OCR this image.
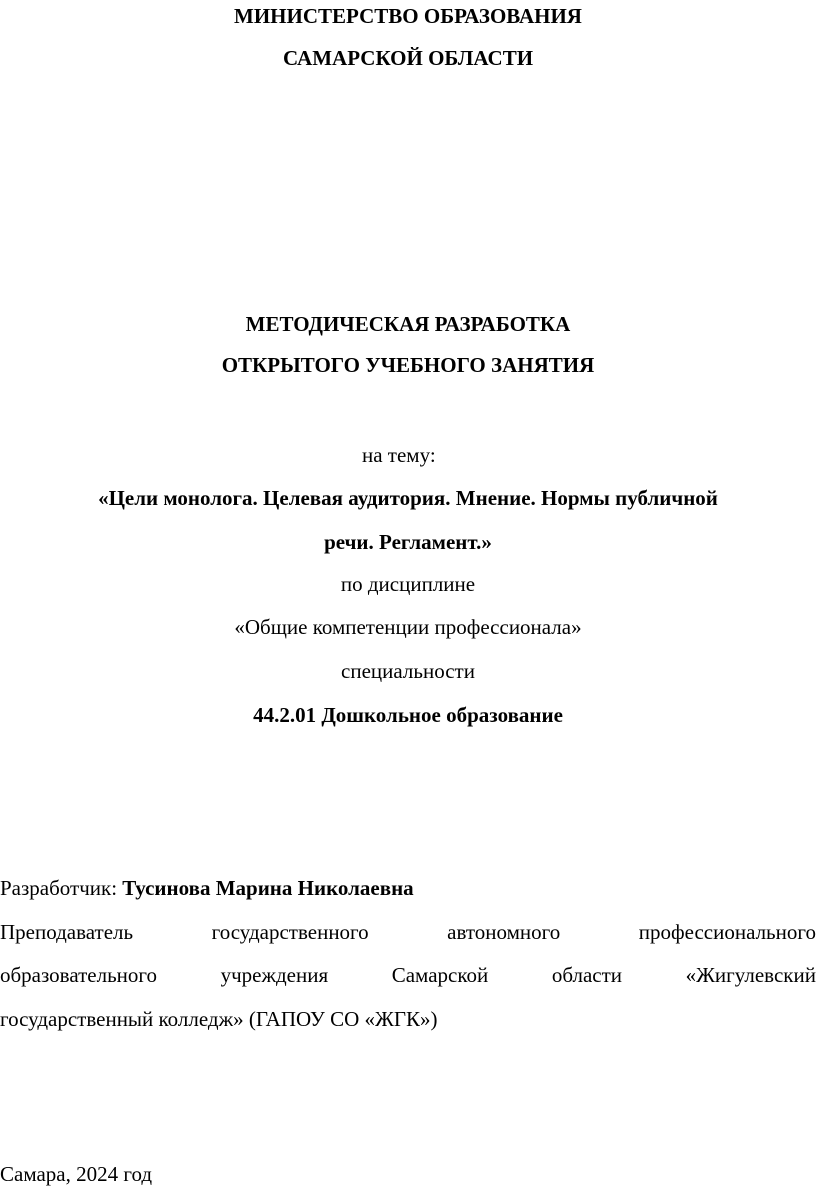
МИНИСТЕРСТВО ОБРАЗОВАНИЯ
САМАРСКОЙ ОБЛАСТИ
МЕТОДИЧЕСКАЯ РАЗРАБОТКА
ОТКРЫТОГО УЧЕБНОГО ЗАНЯТИЯ
на тему:
«Цели монолога. Целевая аудитория. Мнение. Нормы публичной
речи. Регламент.»
по дисциплине
«Общие компетенции профессионала»
специальности
44.2.01 Дошкольное образование
Разработчик: Тусинова Марина Николаевна
Преподаватель	государственного	автономного	профессионального
образовательного	учреждения	Самарской	области	«Жигулевский
государственный колледж» (ГАПОУ СО «ЖГК»)
Самара, 2024 год
